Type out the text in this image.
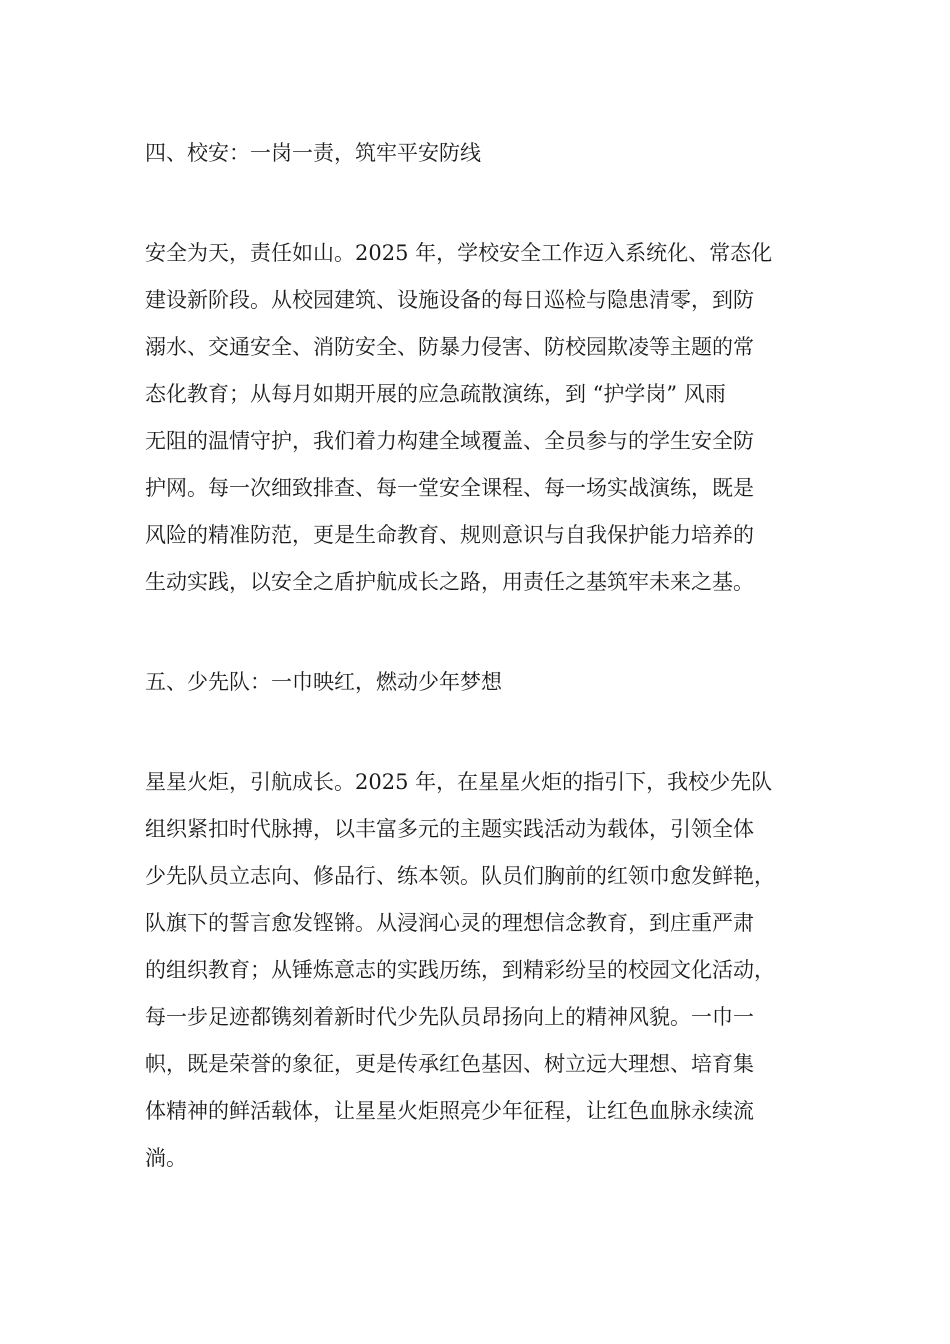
四、校安：一岗一责，筑牢平安防线

安全为天，责任如山。2025 年，学校安全工作迈入系统化、常态化
建设新阶段。从校园建筑、设施设备的每日巡检与隐患清零，到防
溺水、交通安全、消防安全、防暴力侵害、防校园欺凌等主题的常
态化教育；从每月如期开展的应急疏散演练，到 “护学岗” 风雨
无阻的温情守护，我们着力构建全域覆盖、全员参与的学生安全防
护网。每一次细致排查、每一堂安全课程、每一场实战演练，既是
风险的精准防范，更是生命教育、规则意识与自我保护能力培养的
生动实践，以安全之盾护航成长之路，用责任之基筑牢未来之基。

五、少先队：一巾映红，燃动少年梦想

星星火炬，引航成长。2025 年，在星星火炬的指引下，我校少先队
组织紧扣时代脉搏，以丰富多元的主题实践活动为载体，引领全体
少先队员立志向、修品行、练本领。队员们胸前的红领巾愈发鲜艳，
队旗下的誓言愈发铿锵。从浸润心灵的理想信念教育，到庄重严肃
的组织教育；从锤炼意志的实践历练，到精彩纷呈的校园文化活动，
每一步足迹都镌刻着新时代少先队员昂扬向上的精神风貌。一巾一
帜，既是荣誉的象征，更是传承红色基因、树立远大理想、培育集
体精神的鲜活载体，让星星火炬照亮少年征程，让红色血脉永续流
淌。
